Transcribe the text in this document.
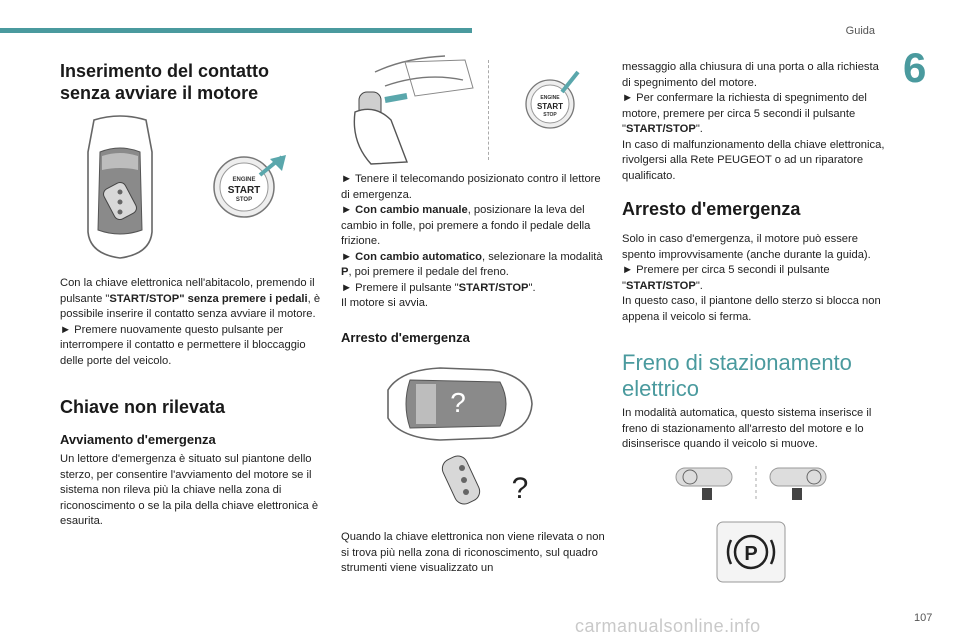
Guida
6
Inserimento del contatto
senza avviare il motore
ENGINE
START
STOP

Con la chiave elettronica nell'abitacolo, premendo il pulsante "START/STOP" senza premere i pedali, è possibile inserire il contatto senza avviare il motore.

► Premere nuovamente questo pulsante per interrompere il contatto e permettere il bloccaggio delle porte del veicolo.

Chiave non rilevata
Avviamento d'emergenza
Un lettore d'emergenza è situato sul piantone dello sterzo, per consentire l'avviamento del motore se il sistema non rileva più la chiave nella zona di riconoscimento o se la pila della chiave elettronica è esaurita.
ENGINE
START
STOP

► Tenere il telecomando posizionato contro il lettore di emergenza.

► Con cambio manuale, posizionare la leva del cambio in folle, poi premere a fondo il pedale della frizione.

► Con cambio automatico, selezionare la modalità P, poi premere il pedale del freno.

► Premere il pulsante "START/STOP".

Il motore si avvia.

Arresto d'emergenza
?
?
Quando la chiave elettronica non viene rilevata o non si trova più nella zona di riconoscimento, sul quadro strumenti viene visualizzato un

messaggio alla chiusura di una porta o alla richiesta di spegnimento del motore.

► Per confermare la richiesta di spegnimento del motore, premere per circa 5 secondi il pulsante "START/STOP".

In caso di malfunzionamento della chiave elettronica, rivolgersi alla Rete PEUGEOT o ad un riparatore qualificato.

Arresto d'emergenza

Solo in caso d'emergenza, il motore può essere spento improvvisamente (anche durante la guida).

► Premere per circa 5 secondi il pulsante "START/STOP".

In questo caso, il piantone dello sterzo si blocca non appena il veicolo si ferma.

Freno di stazionamento
elettrico
In modalità automatica, questo sistema inserisce il freno di stazionamento all'arresto del motore e lo disinserisce quando il veicolo si muove.
P
carmanualsonline.info	107
